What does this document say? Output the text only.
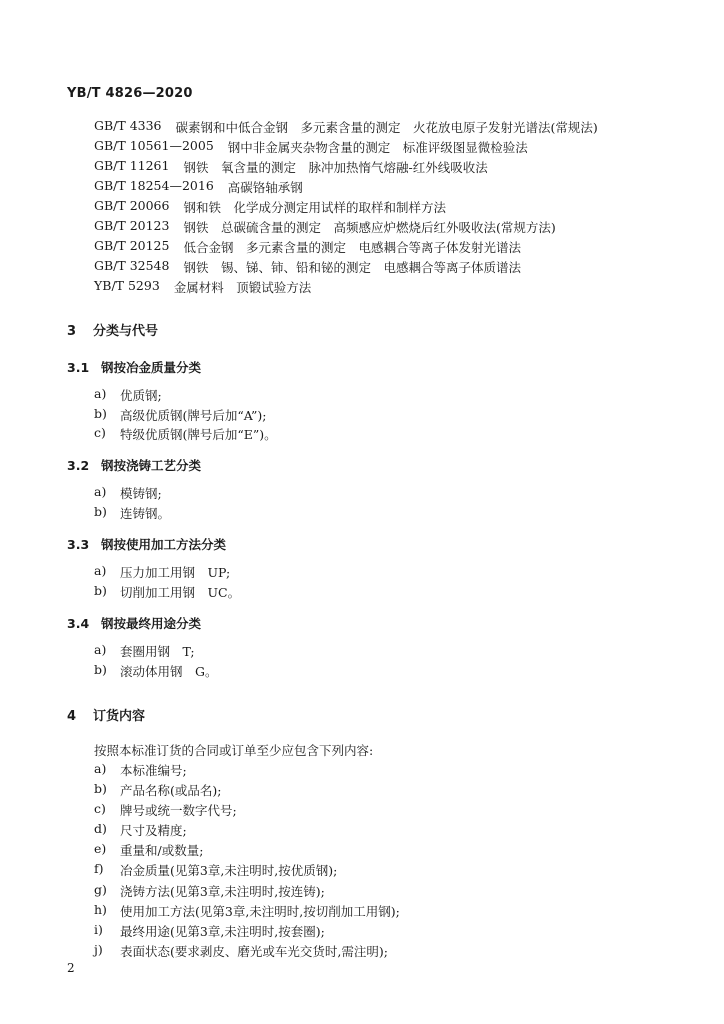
YB/T 4826—2020
GB/T 4336 碳素钢和中低合金钢　多元素含量的测定　火花放电原子发射光谱法(常规法)
GB/T 10561—2005 钢中非金属夹杂物含量的测定　标准评级图显微检验法
GB/T 11261 钢铁　氧含量的测定　脉冲加热惰气熔融-红外线吸收法
GB/T 18254—2016 高碳铬轴承钢
GB/T 20066 钢和铁　化学成分测定用试样的取样和制样方法
GB/T 20123 钢铁　总碳硫含量的测定　高频感应炉燃烧后红外吸收法(常规方法)
GB/T 20125 低合金钢　多元素含量的测定　电感耦合等离子体发射光谱法
GB/T 32548 钢铁　锡、锑、铈、铅和铋的测定　电感耦合等离子体质谱法
YB/T 5293 金属材料　顶锻试验方法
3 分类与代号
3.1 钢按冶金质量分类
a)	优质钢;
b)	高级优质钢(牌号后加“A”);
c)	特级优质钢(牌号后加“E”)。
3.2 钢按浇铸工艺分类
a)	模铸钢;
b)	连铸钢。
3.3 钢按使用加工方法分类
a)	压力加工用钢　UP;
b)	切削加工用钢　UC。
3.4 钢按最终用途分类
a)	套圈用钢　T;
b)	滚动体用钢　G。
4 订货内容
按照本标准订货的合同或订单至少应包含下列内容:
a)	本标准编号;
b)	产品名称(或品名);
c)	牌号或统一数字代号;
d)	尺寸及精度;
e)	重量和/或数量;
f)	冶金质量(见第3章,未注明时,按优质钢);
g)	浇铸方法(见第3章,未注明时,按连铸);
h)	使用加工方法(见第3章,未注明时,按切削加工用钢);
i)	最终用途(见第3章,未注明时,按套圈);
j)	表面状态(要求剥皮、磨光或车光交货时,需注明);
2
